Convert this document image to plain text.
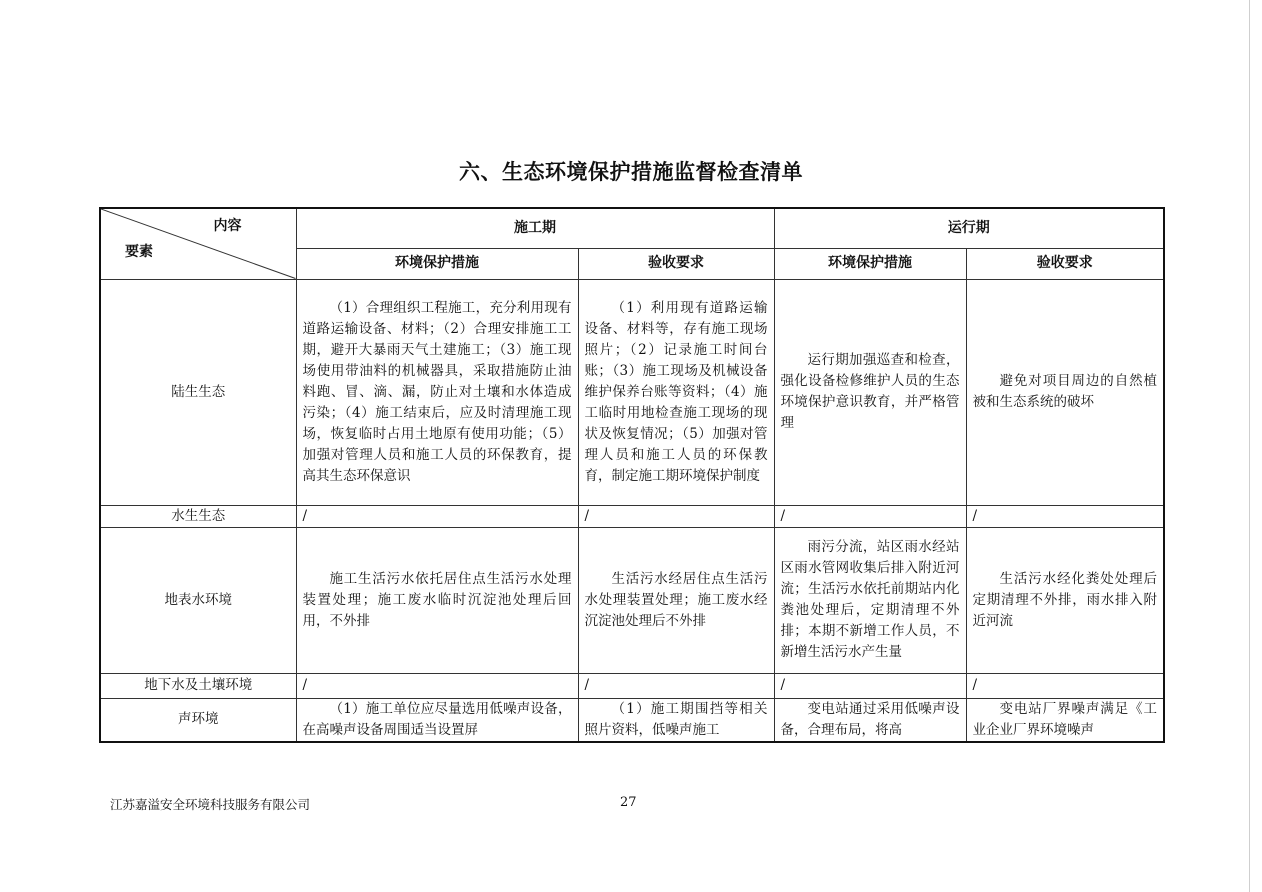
六、生态环境保护措施监督检查清单
内容
要素	施工期		运行期	
	环境保护措施	验收要求	环境保护措施	验收要求
陆生生态	（1）合理组织工程施工，充分利用现有道路运输设备、材料；（2）合理安排施工工期，避开大暴雨天气土建施工；（3）施工现场使用带油料的机械器具，采取措施防止油料跑、冒、滴、漏，防止对土壤和水体造成污染；（4）施工结束后，应及时清理施工现场，恢复临时占用土地原有使用功能；（5）加强对管理人员和施工人员的环保教育，提高其生态环保意识	（1）利用现有道路运输设备、材料等，存有施工现场照片；（2）记录施工时间台账；（3）施工现场及机械设备维护保养台账等资料；（4）施工临时用地检查施工现场的现状及恢复情况；（5）加强对管理人员和施工人员的环保教育，制定施工期环境保护制度	运行期加强巡查和检查，强化设备检修维护人员的生态环境保护意识教育，并严格管理	避免对项目周边的自然植被和生态系统的破坏

水生生态	/	/	/	/
地表水环境	施工生活污水依托居住点生活污水处理装置处理；施工废水临时沉淀池处理后回用，不外排	生活污水经居住点生活污水处理装置处理；施工废水经沉淀池处理后不外排	雨污分流，站区雨水经站区雨水管网收集后排入附近河流；生活污水依托前期站内化粪池处理后，定期清理不外排；本期不新增工作人员，不新增生活污水产生量	生活污水经化粪处处理后定期清理不外排，雨水排入附近河流

地下水及土壤环境	/	/	/	/
声环境	（1）施工单位应尽量选用低噪声设备，在高噪声设备周围适当设置屏	（1）施工期围挡等相关照片资料，低噪声施工	变电站通过采用低噪声设备，合理布局，将高	变电站厂界噪声满足《工业企业厂界环境噪声
江苏嘉溢安全环境科技服务有限公司	27
